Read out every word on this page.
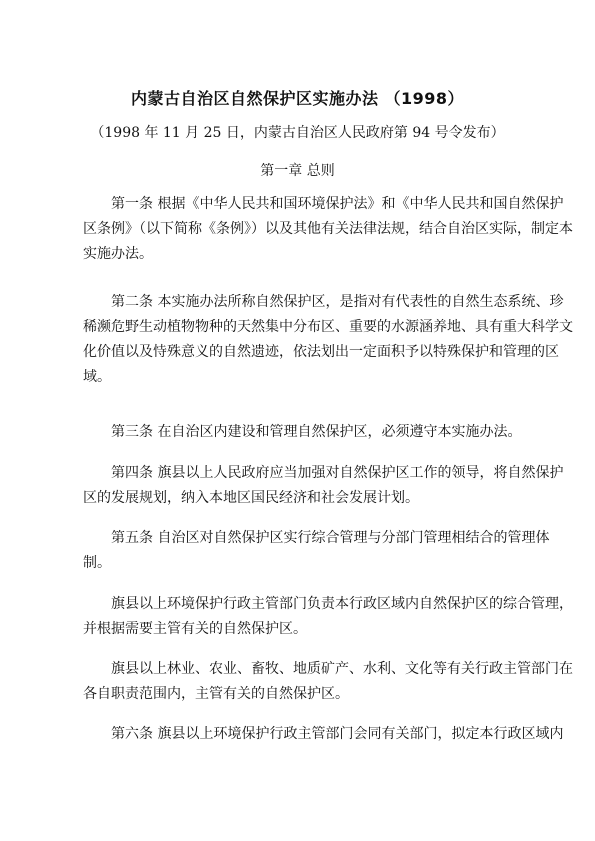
内蒙古自治区自然保护区实施办法 （1998）
（1998 年 11 月 25 日，内蒙古自治区人民政府第 94 号令发布）
第一章 总则
第一条 根据《中华人民共和国环境保护法》和《中华人民共和国自然保护
区条例》（以下简称《条例》）以及其他有关法律法规，结合自治区实际，制定本
实施办法。
第二条 本实施办法所称自然保护区，是指对有代表性的自然生态系统、珍
稀濒危野生动植物物种的天然集中分布区、重要的水源涵养地、具有重大科学文
化价值以及恃殊意义的自然遗迹，依法划出一定面积予以特殊保护和管理的区
域。
第三条 在自治区内建设和管理自然保护区，必须遵守本实施办法。
第四条 旗县以上人民政府应当加强对自然保护区工作的领导，将自然保护
区的发展规划，纳入本地区国民经济和社会发展计划。
第五条 自治区对自然保护区实行综合管理与分部门管理相结合的管理体
制。
旗县以上环境保护行政主管部门负责本行政区域内自然保护区的综合管理，
并根据需要主管有关的自然保护区。
旗县以上林业、农业、畜牧、地质矿产、水利、文化等有关行政主管部门在
各自职责范围内，主管有关的自然保护区。
第六条 旗县以上环境保护行政主管部门会同有关部门，拟定本行政区域内
